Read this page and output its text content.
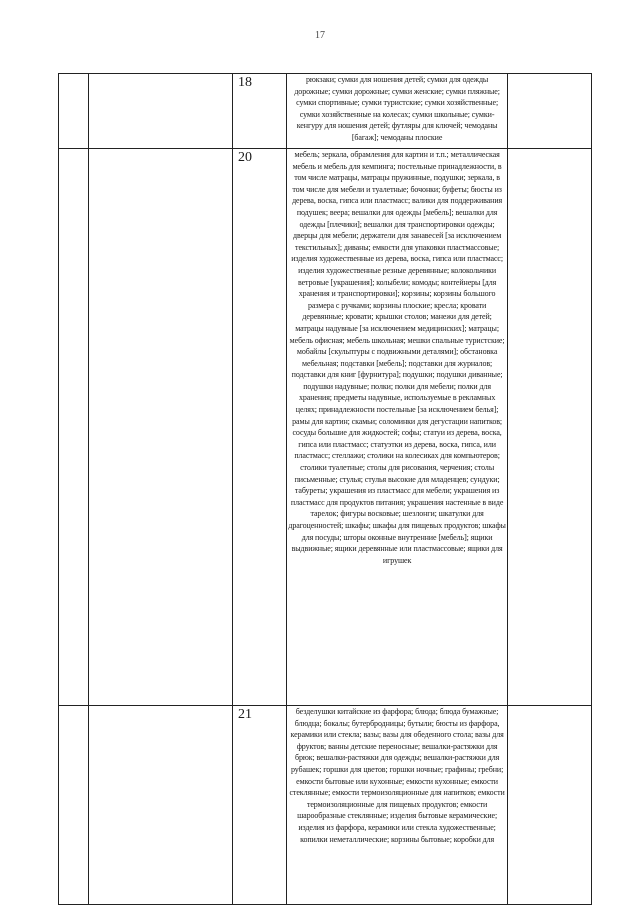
17
		18	рюкзаки; сумки для ношения детей; сумки для одежды дорожные; сумки дорожные; сумки женские; сумки пляжные; сумки спортивные; сумки туристские; сумки хозяйственные; сумки хозяйственные на колесах; сумки школьные; сумки-кенгуру для ношения детей; футляры для ключей; чемоданы [багаж]; чемоданы плоские	

		20	мебель; зеркала, обрамления для картин и т.п.; металлическая мебель и мебель для кемпинга; постельные принадлежности, в том числе матрацы, матрацы пружинные, подушки; зеркала, в том числе для мебели и туалетные; бочонки; буфеты; бюсты из дерева, воска, гипса или пластмасс; валики для поддерживания подушек; веера; вешалки для одежды [мебель]; вешалки для одежды [плечики]; вешалки для транспортировки одежды; дверцы для мебели; держатели для занавесей [за исключением текстильных]; диваны; емкости для упаковки пластмассовые; изделия художественные из дерева, воска, гипса или пластмасс; изделия художественные резные деревянные; колокольчики ветровые [украшения]; колыбели; комоды; контейнеры [для хранения и транспортировки]; корзины; корзины большого размера с ручками; корзины плоские; кресла; кровати деревянные; кровати; крышки столов; манежи для детей; матрацы надувные [за исключением медицинских]; матрацы; мебель офисная; мебель школьная; мешки спальные туристские; мобайлы [скульптуры с подвижными деталями]; обстановка мебельная; подставки [мебель]; подставки для журналов; подставки для книг [фурнитура]; подушки; подушки диванные; подушки надувные; полки; полки для мебели; полки для хранения; предметы надувные, используемые в рекламных целях; принадлежности постельные [за исключением белья]; рамы для картин; скамьи; соломинки для дегустации напитков; сосуды большие для жидкостей; софы; статуи из дерева, воска, гипса или пластмасс; статуэтки из дерева, воска, гипса, или пластмасс; стеллажи; столики на колесиках для компьютеров; столики туалетные; столы для рисования, черчения; столы письменные; стулья; стулья высокие для младенцев; сундуки; табуреты; украшения из пластмасс для мебели; украшения из пластмасс для продуктов питания; украшения настенные в виде тарелок; фигуры восковые; шезлонги; шкатулки для драгоценностей; шкафы; шкафы для пищевых продуктов; шкафы для посуды; шторы оконные внутренние [мебель]; ящики выдвижные; ящики деревянные или пластмассовые; ящики для игрушек	

		21	безделушки китайские из фарфора; блюда; блюда бумажные; блюдца; бокалы; бутербродницы; бутыли; бюсты из фарфора, керамики или стекла; вазы; вазы для обеденного стола; вазы для фруктов; ванны детские переносные; вешалки-растяжки для брюк; вешалки-растяжки для одежды; вешалки-растяжки для рубашек; горшки для цветов; горшки ночные; графины; гребни; емкости бытовые или кухонные; емкости кухонные; емкости стеклянные; емкости термоизоляционные для напитков; емкости термоизоляционные для пищевых продуктов; емкости шарообразные стеклянные; изделия бытовые керамические; изделия из фарфора, керамики или стекла художественные; копилки неметаллические; корзины бытовые; коробки для	
